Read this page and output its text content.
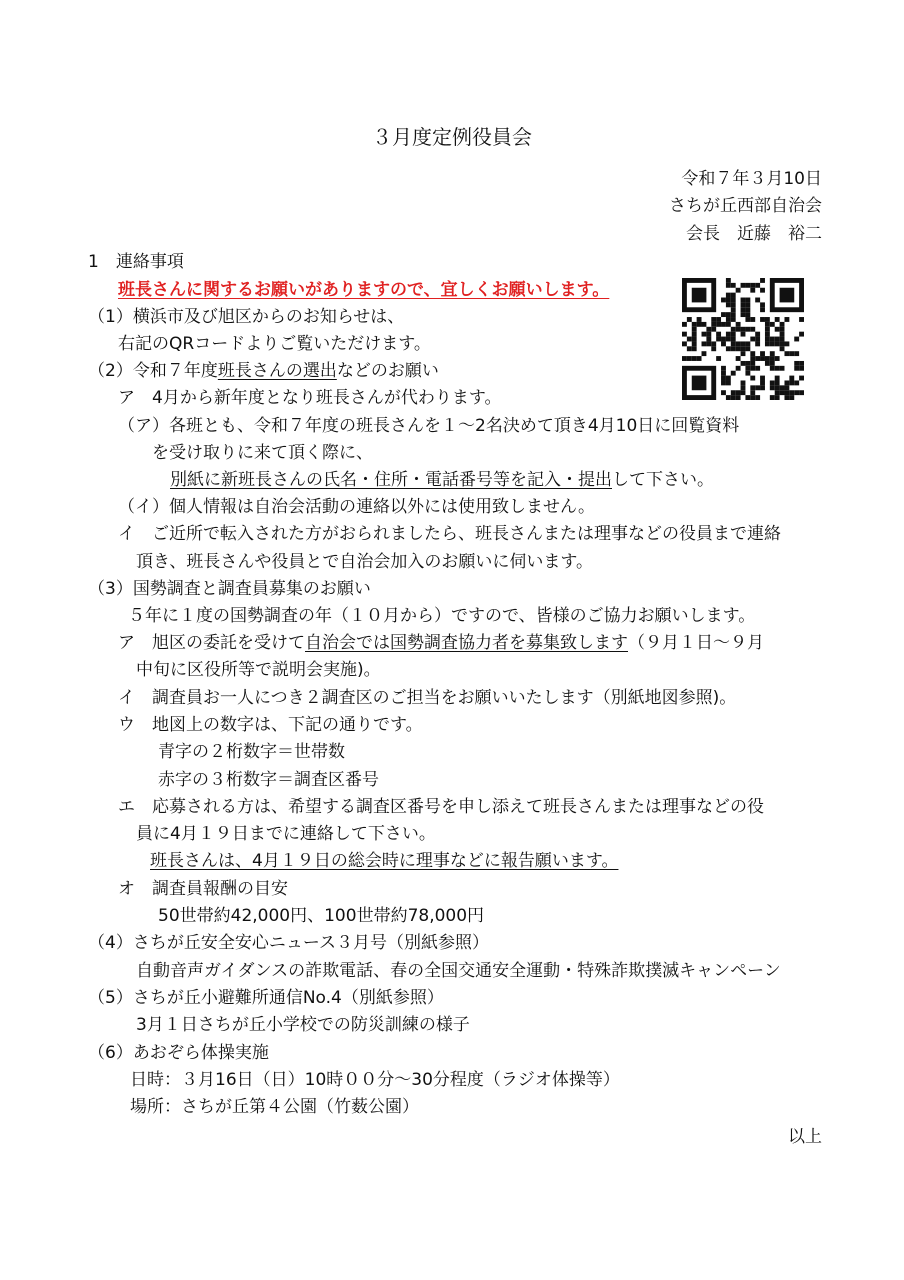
３月度定例役員会
令和７年３月10日
さちが丘西部自治会
会長　近藤　裕二
1　連絡事項
班長さんに関するお願いがありますので、宜しくお願いします。
（1）横浜市及び旭区からのお知らせは、
右記のQRコードよりご覧いただけます。
（2）令和７年度班長さんの選出などのお願い
ア　4月から新年度となり班長さんが代わります。
（ア）各班とも、令和７年度の班長さんを１～2名決めて頂き4月10日に回覧資料
を受け取りに来て頂く際に、
別紙に新班長さんの氏名・住所・電話番号等を記入・提出して下さい。
（イ）個人情報は自治会活動の連絡以外には使用致しません。
イ　ご近所で転入された方がおられましたら、班長さんまたは理事などの役員まで連絡
頂き、班長さんや役員とで自治会加入のお願いに伺います。
（3）国勢調査と調査員募集のお願い
５年に１度の国勢調査の年（１０月から）ですので、皆様のご協力お願いします。
ア　旭区の委託を受けて自治会では国勢調査協力者を募集致します（９月１日～９月
中旬に区役所等で説明会実施)。
イ　調査員お一人につき２調査区のご担当をお願いいたします（別紙地図参照)。
ウ　地図上の数字は、下記の通りです。
青字の２桁数字＝世帯数
赤字の３桁数字＝調査区番号
エ　応募される方は、希望する調査区番号を申し添えて班長さんまたは理事などの役
員に4月１９日までに連絡して下さい。
班長さんは、4月１９日の総会時に理事などに報告願います。
オ　調査員報酬の目安
50世帯約42,000円、100世帯約78,000円
（4）さちが丘安全安心ニュース３月号（別紙参照）
自動音声ガイダンスの詐欺電話、春の全国交通安全運動・特殊詐欺撲滅キャンペーン
（5）さちが丘小避難所通信No.4（別紙参照）
3月１日さちが丘小学校での防災訓練の様子
（6）あおぞら体操実施
日時：３月16日（日）10時００分～30分程度（ラジオ体操等）
場所：さちが丘第４公園（竹薮公園）
以上
